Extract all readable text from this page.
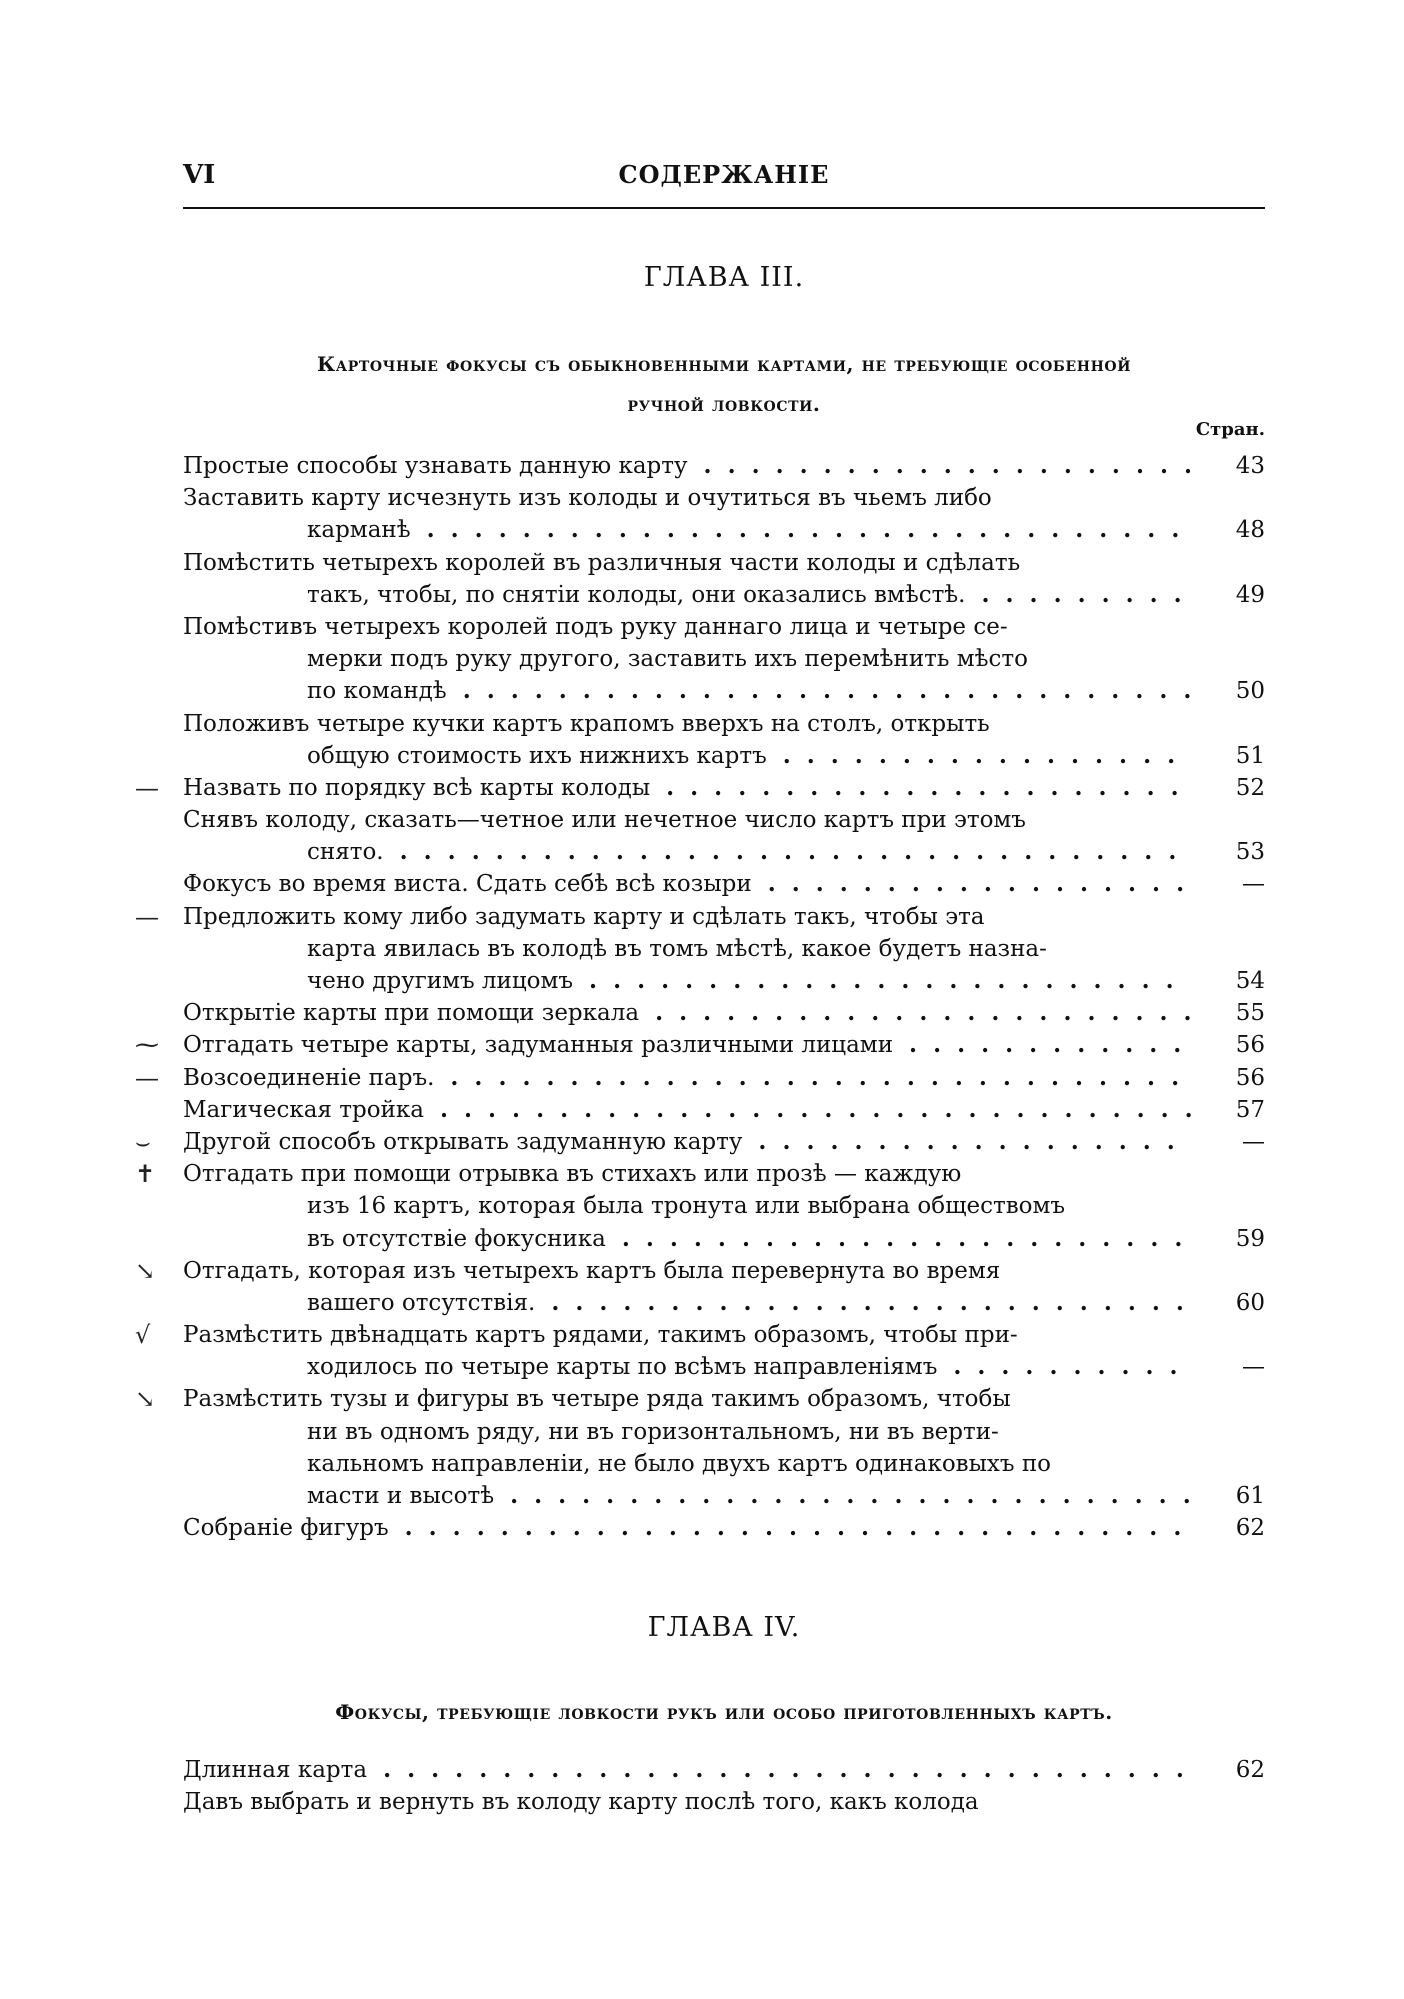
VI	СОДЕРЖАНІЕ
ГЛАВА III.
Карточные фокусы съ обыкновенными картами, не требующіе особенной
ручной ловкости.
Стран.
Простые способы узнавать данную карту . .	43
Заставить карту исчезнуть изъ колоды и очутиться въ чьемъ либо
карманѣ . .	48
Помѣстить четырехъ королей въ различныя части колоды и сдѣлать
такъ, чтобы, по снятіи колоды, они оказались вмѣстѣ. . .	49
Помѣстивъ четырехъ королей подъ руку даннаго лица и четыре се-
мерки подъ руку другого, заставить ихъ перемѣнить мѣсто
по командѣ . .	50
Положивъ четыре кучки картъ крапомъ вверхъ на столъ, открыть
общую стоимость ихъ нижнихъ картъ . .	51
— Назвать по порядку всѣ карты колоды . .	52
Снявъ колоду, сказать—четное или нечетное число картъ при этомъ
снято. . .	53
Фокусъ во время виста. Сдать себѣ всѣ козыри . .	—
— Предложить кому либо задумать карту и сдѣлать такъ, чтобы эта
карта явилась въ колодѣ въ томъ мѣстѣ, какое будетъ назна-
чено другимъ лицомъ . .	54
Открытіе карты при помощи зеркала . .	55
⁓ Отгадать четыре карты, задуманныя различными лицами . .	56
— Возсоединеніе паръ. . .	56
Магическая тройка . .	57
⌣ Другой способъ открывать задуманную карту . .	—
✝ Отгадать при помощи отрывка въ стихахъ или прозѣ — каждую
изъ 16 картъ, которая была тронута или выбрана обществомъ
въ отсутствіе фокусника . .	59
↘ Отгадать, которая изъ четырехъ картъ была перевернута во время
вашего отсутствія. . .	60
√ Размѣстить двѣнадцать картъ рядами, такимъ образомъ, чтобы при-
ходилось по четыре карты по всѣмъ направленіямъ . .	—
↘ Размѣстить тузы и фигуры въ четыре ряда такимъ образомъ, чтобы
ни въ одномъ ряду, ни въ горизонтальномъ, ни въ верти-
кальномъ направленіи, не было двухъ картъ одинаковыхъ по
масти и высотѣ . .	61
Собраніе фигуръ . .	62
ГЛАВА IV.
Фокусы, требующіе ловкости рукъ или особо приготовленныхъ картъ.
Длинная карта . .	62
Давъ выбрать и вернуть въ колоду карту послѣ того, какъ колода
